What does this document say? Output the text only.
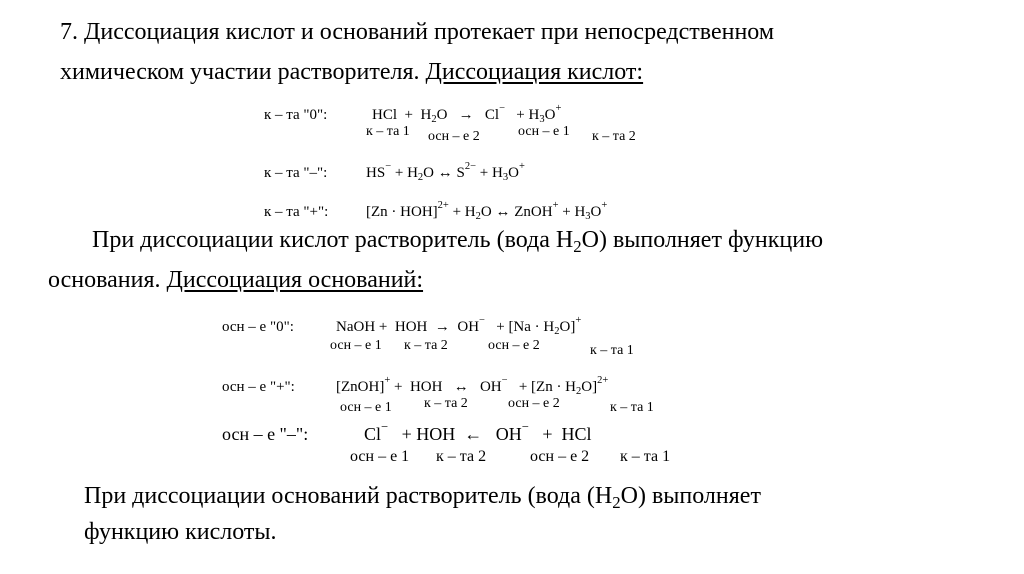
7. Диссоциация кислот и оснований протекает при непосредственном
химическом участии растворителя. Диссоциация кислот:
к – та "0":	HCl + $H_2O \to Cl^- + H_3O^+$
к – та 1 осн – е 2	осн – е 1 к – та 2
к – та "–":	$HS^- + H_2O$ ↔ $S^{2-} + H_3O^+$
к – та "+":	$[Zn \cdot HOH]^{2+} + H_2O$ ↔ ZnOH+ + $H_3O^+$
При диссоциации кислот растворитель (вода $H_2O$) выполняет функцию
основания. Диссоциация оснований:
осн – е "0":	NaOH + HOH → $OH^- + [Na \cdot H_2O]^+$
осн – е 1 к – та 2	осн – е 2	к – та 1
осн – е "+":	[ZnOH]+ + HOH ↔ $OH^- + [Zn \cdot H_2O]^{2+}$
осн – е 1 к – та 2	осн – е 2	к – та 1
осн – е "–":	Cl− + HOH ← OH− + HCl
осн – е 1 к – та 2	осн – е 2 к – та 1
При диссоциации оснований растворитель (вода $(H_2O)$ выполняет
функцию кислоты.
